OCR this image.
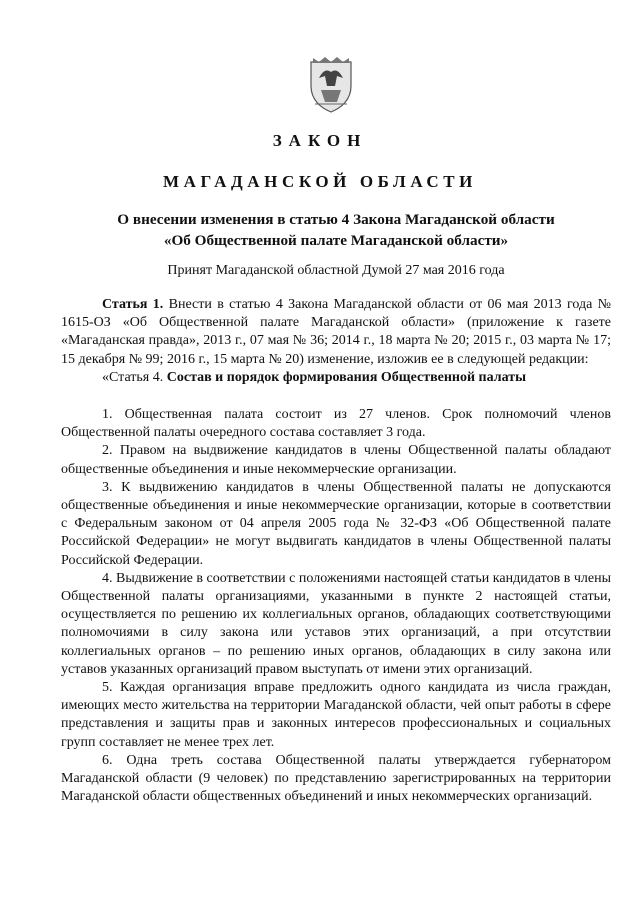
ЗАКОН
МАГАДАНСКОЙ ОБЛАСТИ
О внесении изменения в статью 4 Закона Магаданской области
«Об Общественной палате Магаданской области»
Принят Магаданской областной Думой 27 мая 2016 года

Статья 1. Внести в статью 4 Закона Магаданской области от 06 мая 2013 года № 1615-ОЗ «Об Общественной палате Магаданской области» (приложение к газете «Магаданская правда», 2013 г., 07 мая № 36; 2014 г., 18 марта № 20; 2015 г., 03 марта № 17; 15 декабря № 99; 2016 г., 15 марта № 20) изменение, изложив ее в следующей редакции:

«Статья 4. Состав и порядок формирования Общественной палаты

1. Общественная палата состоит из 27 членов. Срок полномочий членов Общественной палаты очередного состава составляет 3 года.

2. Правом на выдвижение кандидатов в члены Общественной палаты обладают общественные объединения и иные некоммерческие организации.

3. К выдвижению кандидатов в члены Общественной палаты не допускаются общественные объединения и иные некоммерческие организации, которые в соответствии с Федеральным законом от 04 апреля 2005 года № 32-ФЗ «Об Общественной палате Российской Федерации» не могут выдвигать кандидатов в члены Общественной палаты Российской Федерации.

4. Выдвижение в соответствии с положениями настоящей статьи кандидатов в члены Общественной палаты организациями, указанными в пункте 2 настоящей статьи, осуществляется по решению их коллегиальных органов, обладающих соответствующими полномочиями в силу закона или уставов этих организаций, а при отсутствии коллегиальных органов – по решению иных органов, обладающих в силу закона или уставов указанных организаций правом выступать от имени этих организаций.

5. Каждая организация вправе предложить одного кандидата из числа граждан, имеющих место жительства на территории Магаданской области, чей опыт работы в сфере представления и защиты прав и законных интересов профессиональных и социальных групп составляет не менее трех лет.

6. Одна треть состава Общественной палаты утверждается губернатором Магаданской области (9 человек) по представлению зарегистрированных на территории Магаданской области общественных объединений и иных некоммерческих организаций.
